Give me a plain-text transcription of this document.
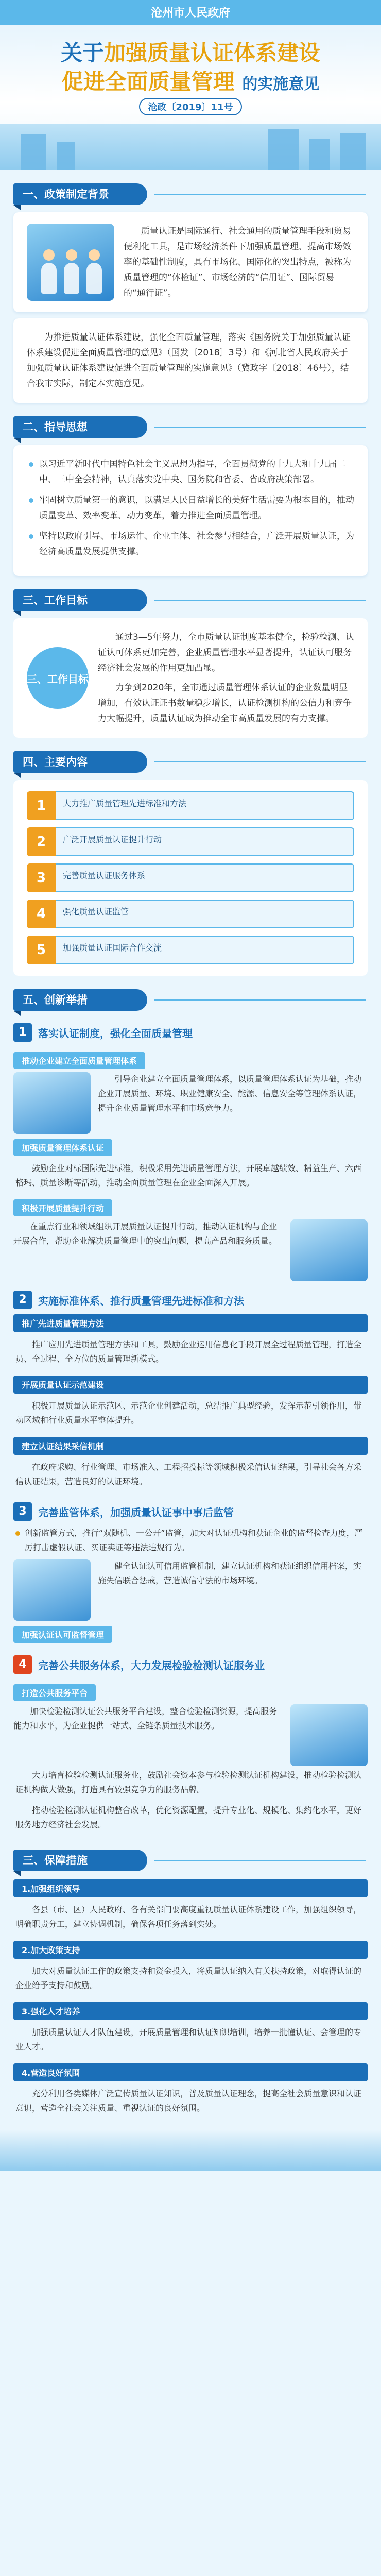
沧州市人民政府
关于加强质量认证体系建设
促进全面质量管理 的实施意见
沧政〔2019〕11号
一、政策制定背景

质量认证是国际通行、社会通用的质量管理手段和贸易便利化工具，是市场经济条件下加强质量管理、提高市场效率的基础性制度，具有市场化、国际化的突出特点，被称为质量管理的“体检证”、市场经济的“信用证”、国际贸易的“通行证”。

为推进质量认证体系建设，强化全面质量管理，落实《国务院关于加强质量认证体系建设促进全面质量管理的意见》（国发〔2018〕3号）和《河北省人民政府关于加强质量认证体系建设促进全面质量管理的实施意见》（冀政字〔2018〕46号），结合我市实际，制定本实施意见。

二、指导思想

以习近平新时代中国特色社会主义思想为指导，全面贯彻党的十九大和十九届二中、三中全会精神，认真落实党中央、国务院和省委、省政府决策部署。

牢固树立质量第一的意识，以满足人民日益增长的美好生活需要为根本目的，推动质量变革、效率变革、动力变革，着力推进全面质量管理。

坚持以政府引导、市场运作、企业主体、社会参与相结合，广泛开展质量认证，为经济高质量发展提供支撑。

三、工作目标
三、工作目标

通过3—5年努力，全市质量认证制度基本健全，检验检测、认证认可体系更加完善，企业质量管理水平显著提升，认证认可服务经济社会发展的作用更加凸显。

力争到2020年，全市通过质量管理体系认证的企业数量明显增加，有效认证证书数量稳步增长，认证检测机构的公信力和竞争力大幅提升，质量认证成为推动全市高质量发展的有力支撑。

四、主要内容
1	大力推广质量管理先进标准和方法
2	广泛开展质量认证提升行动
3	完善质量认证服务体系
4	强化质量认证监管
5	加强质量认证国际合作交流
五、创新举措
1	落实认证制度，强化全面质量管理
推动企业建立全面质量管理体系

引导企业建立全面质量管理体系，以质量管理体系认证为基础，推动企业开展质量、环境、职业健康安全、能源、信息安全等管理体系认证，提升企业质量管理水平和市场竞争力。

加强质量管理体系认证

鼓励企业对标国际先进标准，积极采用先进质量管理方法，开展卓越绩效、精益生产、六西格玛、质量诊断等活动，推动全面质量管理在企业全面深入开展。

积极开展质量提升行动

在重点行业和领域组织开展质量认证提升行动，推动认证机构与企业开展合作，帮助企业解决质量管理中的突出问题，提高产品和服务质量。

2	实施标准体系、推行质量管理先进标准和方法
推广先进质量管理方法

推广应用先进质量管理方法和工具，鼓励企业运用信息化手段开展全过程质量管理，打造全员、全过程、全方位的质量管理新模式。

开展质量认证示范建设

积极开展质量认证示范区、示范企业创建活动，总结推广典型经验，发挥示范引领作用，带动区域和行业质量水平整体提升。

建立认证结果采信机制

在政府采购、行业管理、市场准入、工程招投标等领域积极采信认证结果，引导社会各方采信认证结果，营造良好的认证环境。

3	完善监管体系，加强质量认证事中事后监管

创新监管方式，推行“双随机、一公开”监管，加大对认证机构和获证企业的监督检查力度，严厉打击虚假认证、买证卖证等违法违规行为。

健全认证认可信用监管机制，建立认证机构和获证组织信用档案，实施失信联合惩戒，营造诚信守法的市场环境。

加强认证认可监督管理
4	完善公共服务体系，大力发展检验检测认证服务业
打造公共服务平台

加快检验检测认证公共服务平台建设，整合检验检测资源，提高服务能力和水平，为企业提供一站式、全链条质量技术服务。

大力培育检验检测认证服务业，鼓励社会资本参与检验检测认证机构建设，推动检验检测认证机构做大做强，打造具有较强竞争力的服务品牌。

推动检验检测认证机构整合改革，优化资源配置，提升专业化、规模化、集约化水平，更好服务地方经济社会发展。

三、保障措施
1.加强组织领导

各县（市、区）人民政府、各有关部门要高度重视质量认证体系建设工作，加强组织领导，明确职责分工，建立协调机制，确保各项任务落到实处。

2.加大政策支持

加大对质量认证工作的政策支持和资金投入，将质量认证纳入有关扶持政策，对取得认证的企业给予支持和鼓励。

3.强化人才培养

加强质量认证人才队伍建设，开展质量管理和认证知识培训，培养一批懂认证、会管理的专业人才。

4.营造良好氛围

充分利用各类媒体广泛宣传质量认证知识，普及质量认证理念，提高全社会质量意识和认证意识，营造全社会关注质量、重视认证的良好氛围。
